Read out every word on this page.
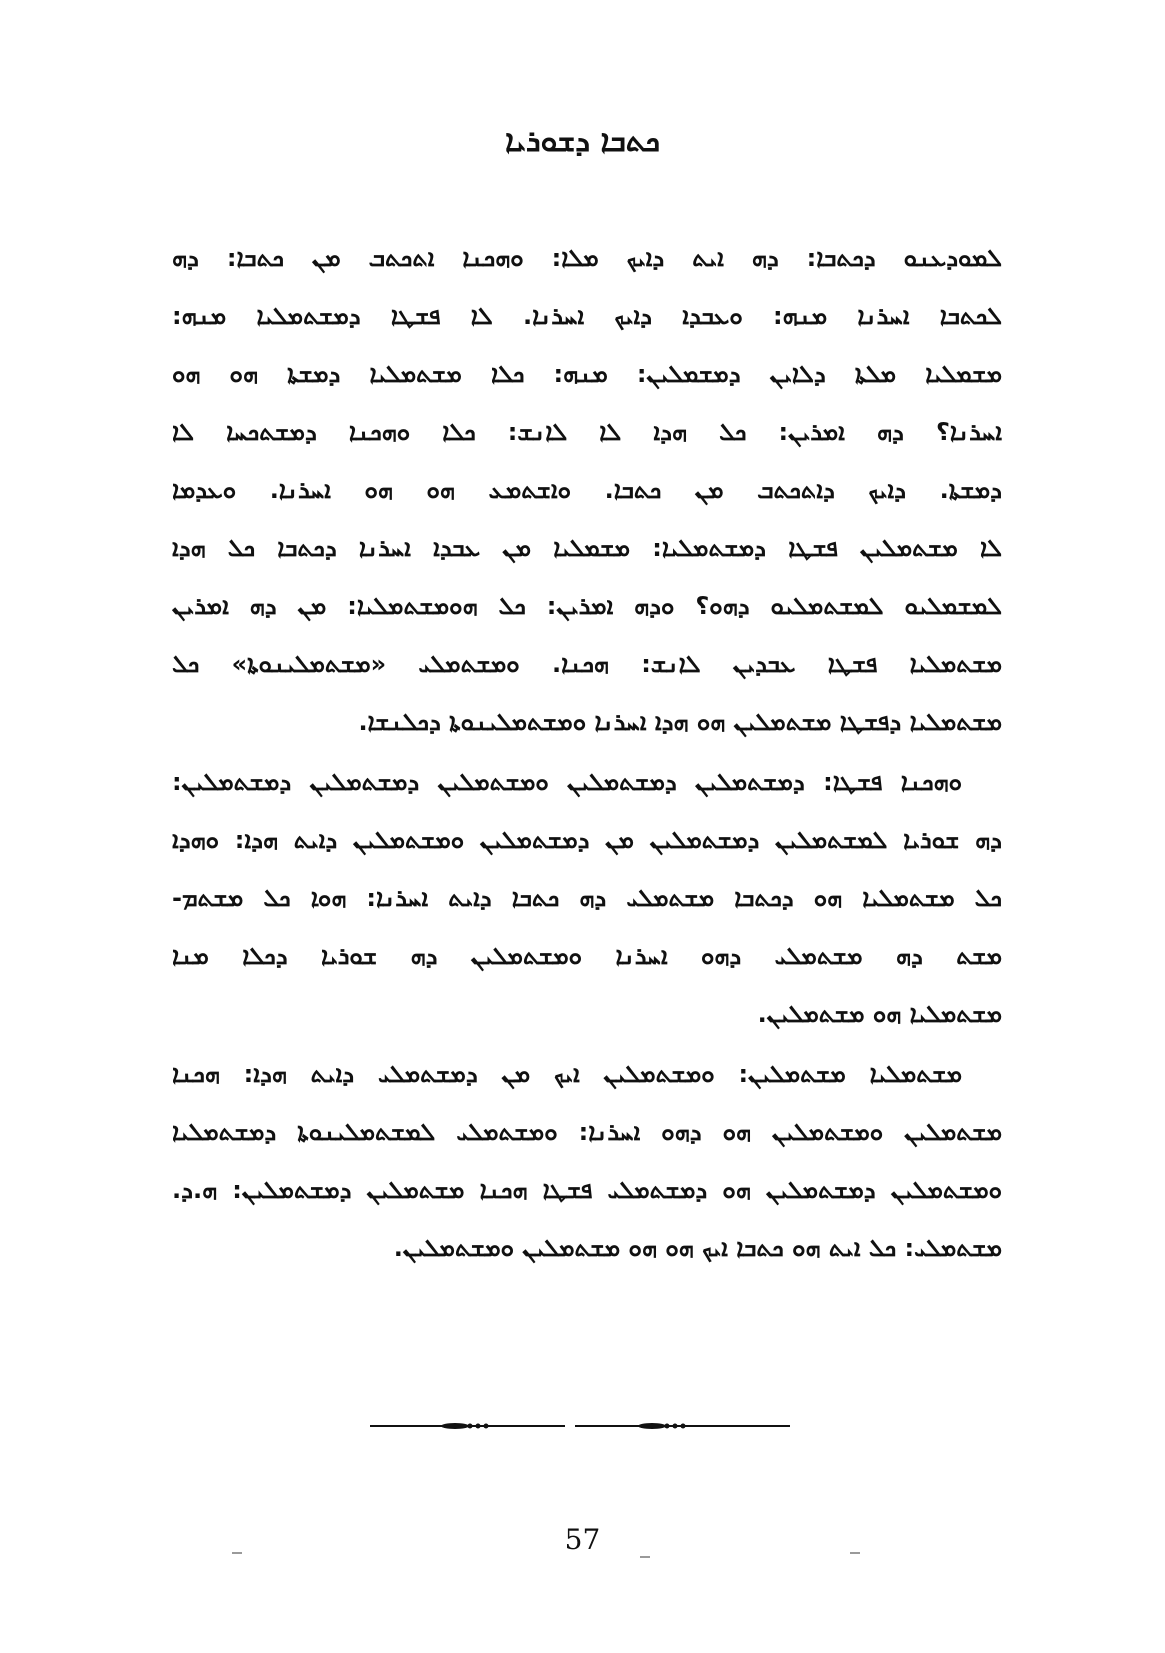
ܟܬܒܐ ܕܫܘܪܝܐ
ܠܡܘܕܥܢܘ ܕܟܬܒܐ: ܕܗ ܐܝܬ ܕܐܝܟ ܡܠܐ: ܘܗܟܢܐ ܐܬܟܬܒ ܡܢ ܟܬܒܐ: ܕܗ
ܠܟܬܒܐ ܐܚܪܢܐ ܡܢܗ: ܘܥܒܕܐ ܕܐܝܟ ܐܚܪܢܐ. ܠܐ ܦܫܛܐ ܕܡܫܬܡܠܝܐ ܡܢܗ:
ܡܫܡܠܝܐ ܡܠܬܐ ܕܠܐܝܢ ܕܡܫܡܠܝܢ: ܡܢܗ: ܟܠܐ ܡܫܬܡܠܝܐ ܕܡܫܬܐ ܗܘ ܗܘ
ܐܚܪܢܐ؟ ܕܗ ܐܡܪܝܢ: ܟܠ ܗܕܐ ܠܐ ܠܐܢܫ: ܟܠܐ ܘܗܟܢܐ ܕܡܫܬܟܚܐ ܠܐ
ܕܡܫܬܐ. ܕܐܝܟ ܕܐܬܟܬܒ ܡܢ ܟܬܒܐ. ܘܐܫܬܡܥ ܗܘ ܗܘ ܐܚܪܢܐ. ܘܥܕܡܐ
ܠܐ ܡܫܬܡܠܝܢ ܦܫܛܐ ܕܡܫܬܡܠܝܐ: ܡܫܡܠܝܐ ܡܢ ܥܒܕܐ ܐܚܪܢܐ ܕܟܬܒܐ ܟܠ ܗܕܐ
ܠܡܫܡܠܝܘ ܠܡܫܬܡܠܝܘ ܕܗܘ؟ ܘܕܗ ܐܡܪܝܢ: ܟܠ ܗܘܡܫܬܡܠܝܐ: ܡܢ ܕܗ ܐܡܪܝܢ
ܡܫܬܡܠܝܐ ܦܫܛܐ ܥܒܕܝܢ ܠܐܢܫ: ܗܟܢܐ. ܘܡܫܬܡܠܝ «ܡܫܬܡܠܝܢܘܬܐ» ܟܠ
ܡܫܬܡܠܝܐ ܕܦܫܛܐ ܡܫܬܡܠܝܢ ܗܘ ܗܕܐ ܐܚܪܢܐ ܘܡܫܬܡܠܝܢܘܬܐ ܕܟܠܢܫܐ.
ܘܗܟܢܐ ܦܫܛܐ: ܕܡܫܬܡܠܝܢ ܕܡܫܬܡܠܝܢ ܘܡܫܬܡܠܝܢ ܕܡܫܬܡܠܝܢ ܕܡܫܬܡܠܝܢ:
ܕܗ ܫܘܪܝܐ ܠܡܫܬܡܠܝܢ ܕܡܫܬܡܠܝܢ ܡܢ ܕܡܫܬܡܠܝܢ ܘܡܫܬܡܠܝܢ ܕܐܝܬ ܗܕܐ: ܘܗܕܐ
ܟܠ ܡܫܬܡܠܝܐ ܗܘ ܕܟܬܒܐ ܡܫܬܡܠܝ ܕܗ ܟܬܒܐ ܕܐܝܬ ܐܚܪܢܐ: ܗܘܐ ܟܠ ܡܫܬܡ-
ܡܫܬ ܕܗ ܡܫܬܡܠܝ ܕܗܘ ܐܚܪܢܐ ܘܡܫܬܡܠܝܢ ܕܗ ܫܘܪܝܐ ܕܟܠܐ ܡܢܐ
ܡܫܬܡܠܝܐ ܗܘ ܡܫܬܡܠܝܢ.
ܡܫܬܡܠܝܐ ܡܫܬܡܠܝܢ: ܘܡܫܬܡܠܝܢ ܐܝܟ ܡܢ ܕܡܫܬܡܠܝ ܕܐܝܬ ܗܕܐ: ܗܟܢܐ
ܡܫܬܡܠܝܢ ܘܡܫܬܡܠܝܢ ܗܘ ܕܗܘ ܐܚܪܢܐ: ܘܡܫܬܡܠܝ ܠܡܫܬܡܠܝܢܘܬܐ ܕܡܫܬܡܠܝܐ
ܘܡܫܬܡܠܝܢ ܕܡܫܬܡܠܝܢ ܗܘ ܕܡܫܬܡܠܝ ܦܫܛܐ ܗܟܢܐ ܡܫܬܡܠܝܢ ܕܡܫܬܡܠܝܢ: ܗ.ܕ.
ܡܫܬܡܠܝ: ܟܠ ܐܝܬ ܗܘ ܟܬܒܐ ܐܝܟ ܗܘ ܗܘ ܡܫܬܡܠܝܢ ܘܡܫܬܡܠܝܢ.
57
